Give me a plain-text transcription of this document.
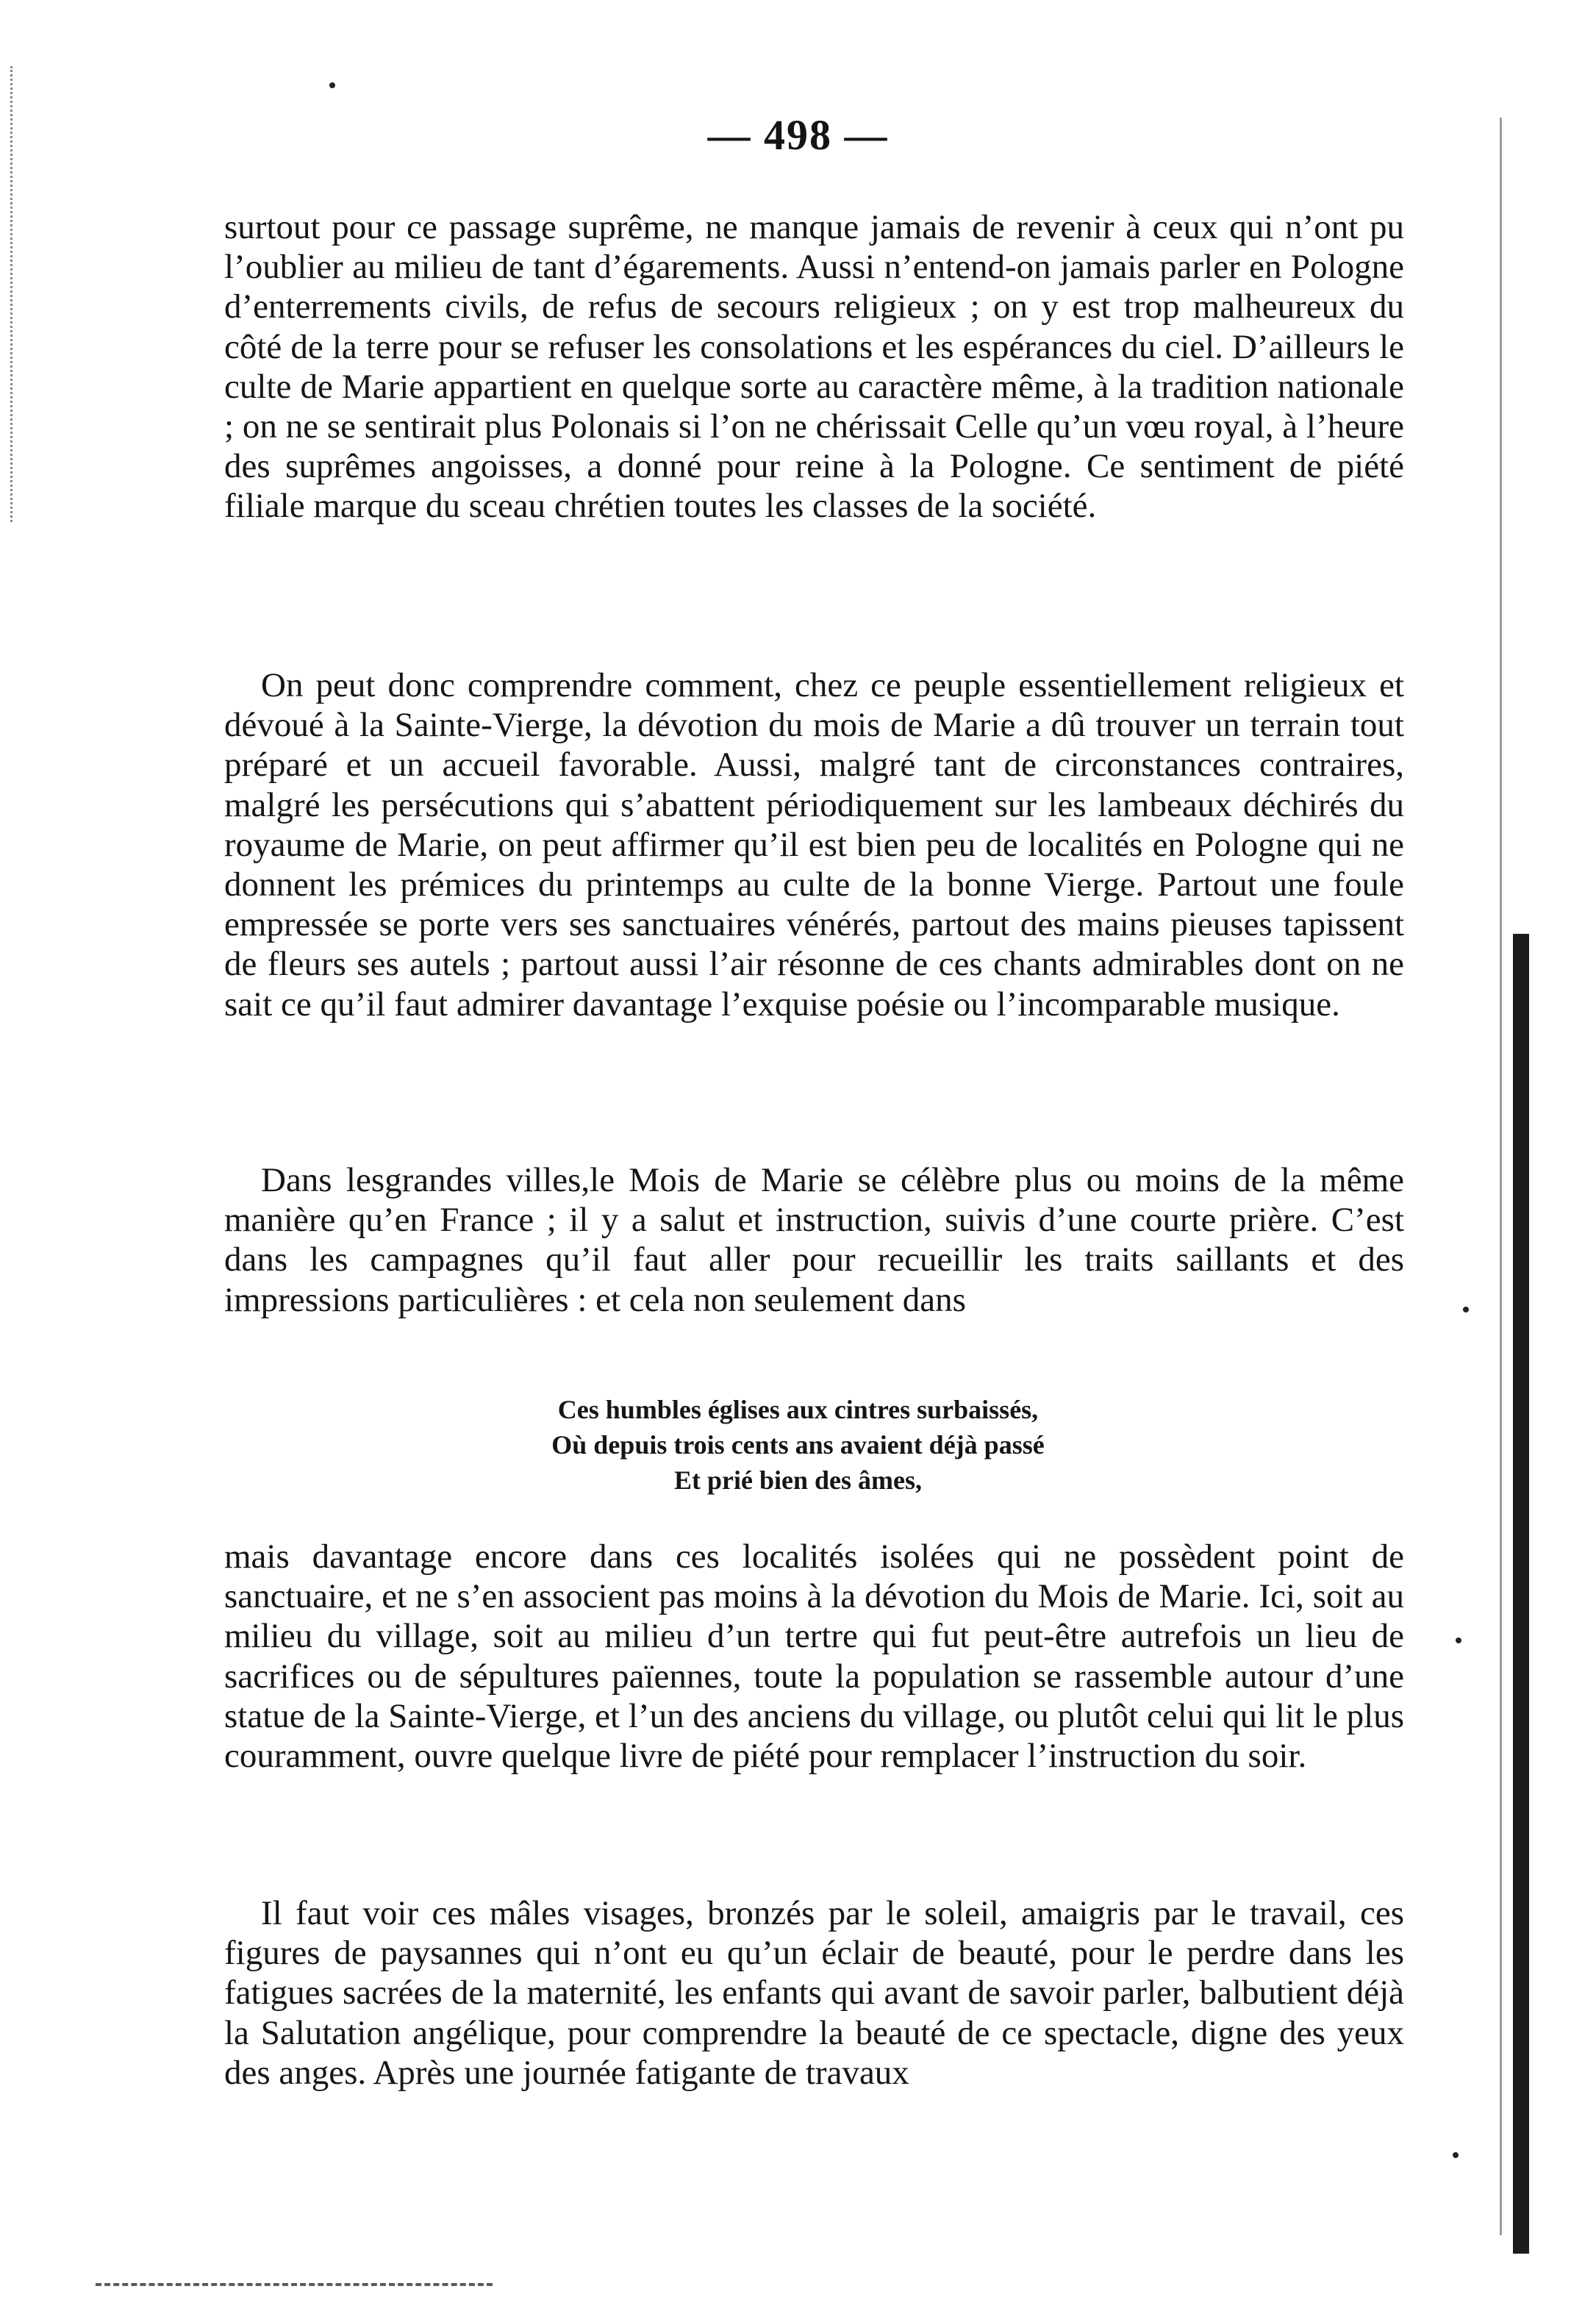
— 498 —

surtout pour ce passage suprême, ne manque jamais de revenir à ceux qui n’ont pu l’oublier au milieu de tant d’égarements. Aussi n’entend-on jamais parler en Pologne d’enterrements civils, de refus de secours religieux ; on y est trop malheureux du côté de la terre pour se refuser les consolations et les espérances du ciel. D’ailleurs le culte de Marie appartient en quelque sorte au caractère même, à la tradition nationale ; on ne se sentirait plus Polonais si l’on ne chérissait Celle qu’un vœu royal, à l’heure des suprêmes angoisses, a donné pour reine à la Pologne. Ce sentiment de piété filiale marque du sceau chrétien toutes les classes de la société.

On peut donc comprendre comment, chez ce peuple essentiellement religieux et dévoué à la Sainte-Vierge, la dévotion du mois de Marie a dû trouver un terrain tout préparé et un accueil favorable. Aussi, malgré tant de circonstances contraires, malgré les persécutions qui s’abattent périodiquement sur les lambeaux déchirés du royaume de Marie, on peut affirmer qu’il est bien peu de localités en Pologne qui ne donnent les prémices du printemps au culte de la bonne Vierge. Partout une foule empressée se porte vers ses sanctuaires vénérés, partout des mains pieuses tapissent de fleurs ses autels ; partout aussi l’air résonne de ces chants admirables dont on ne sait ce qu’il faut admirer davantage l’exquise poésie ou l’incomparable musique.

Dans lesgrandes villes,le Mois de Marie se célèbre plus ou moins de la même manière qu’en France ; il y a salut et instruction, suivis d’une courte prière. C’est dans les campagnes qu’il faut aller pour recueillir les traits saillants et des impressions particulières : et cela non seulement dans

Ces humbles églises aux cintres surbaissés,
Où depuis trois cents ans avaient déjà passé
Et prié bien des âmes,

mais davantage encore dans ces localités isolées qui ne possèdent point de sanctuaire, et ne s’en associent pas moins à la dévotion du Mois de Marie. Ici, soit au milieu du village, soit au milieu d’un tertre qui fut peut-être autrefois un lieu de sacrifices ou de sépultures païennes, toute la population se rassemble autour d’une statue de la Sainte-Vierge, et l’un des anciens du village, ou plutôt celui qui lit le plus couramment, ouvre quelque livre de piété pour remplacer l’instruction du soir.

Il faut voir ces mâles visages, bronzés par le soleil, amaigris par le travail, ces figures de paysannes qui n’ont eu qu’un éclair de beauté, pour le perdre dans les fatigues sacrées de la maternité, les enfants qui avant de savoir parler, balbutient déjà la Salutation angélique, pour comprendre la beauté de ce spectacle, digne des yeux des anges. Après une journée fatigante de travaux
